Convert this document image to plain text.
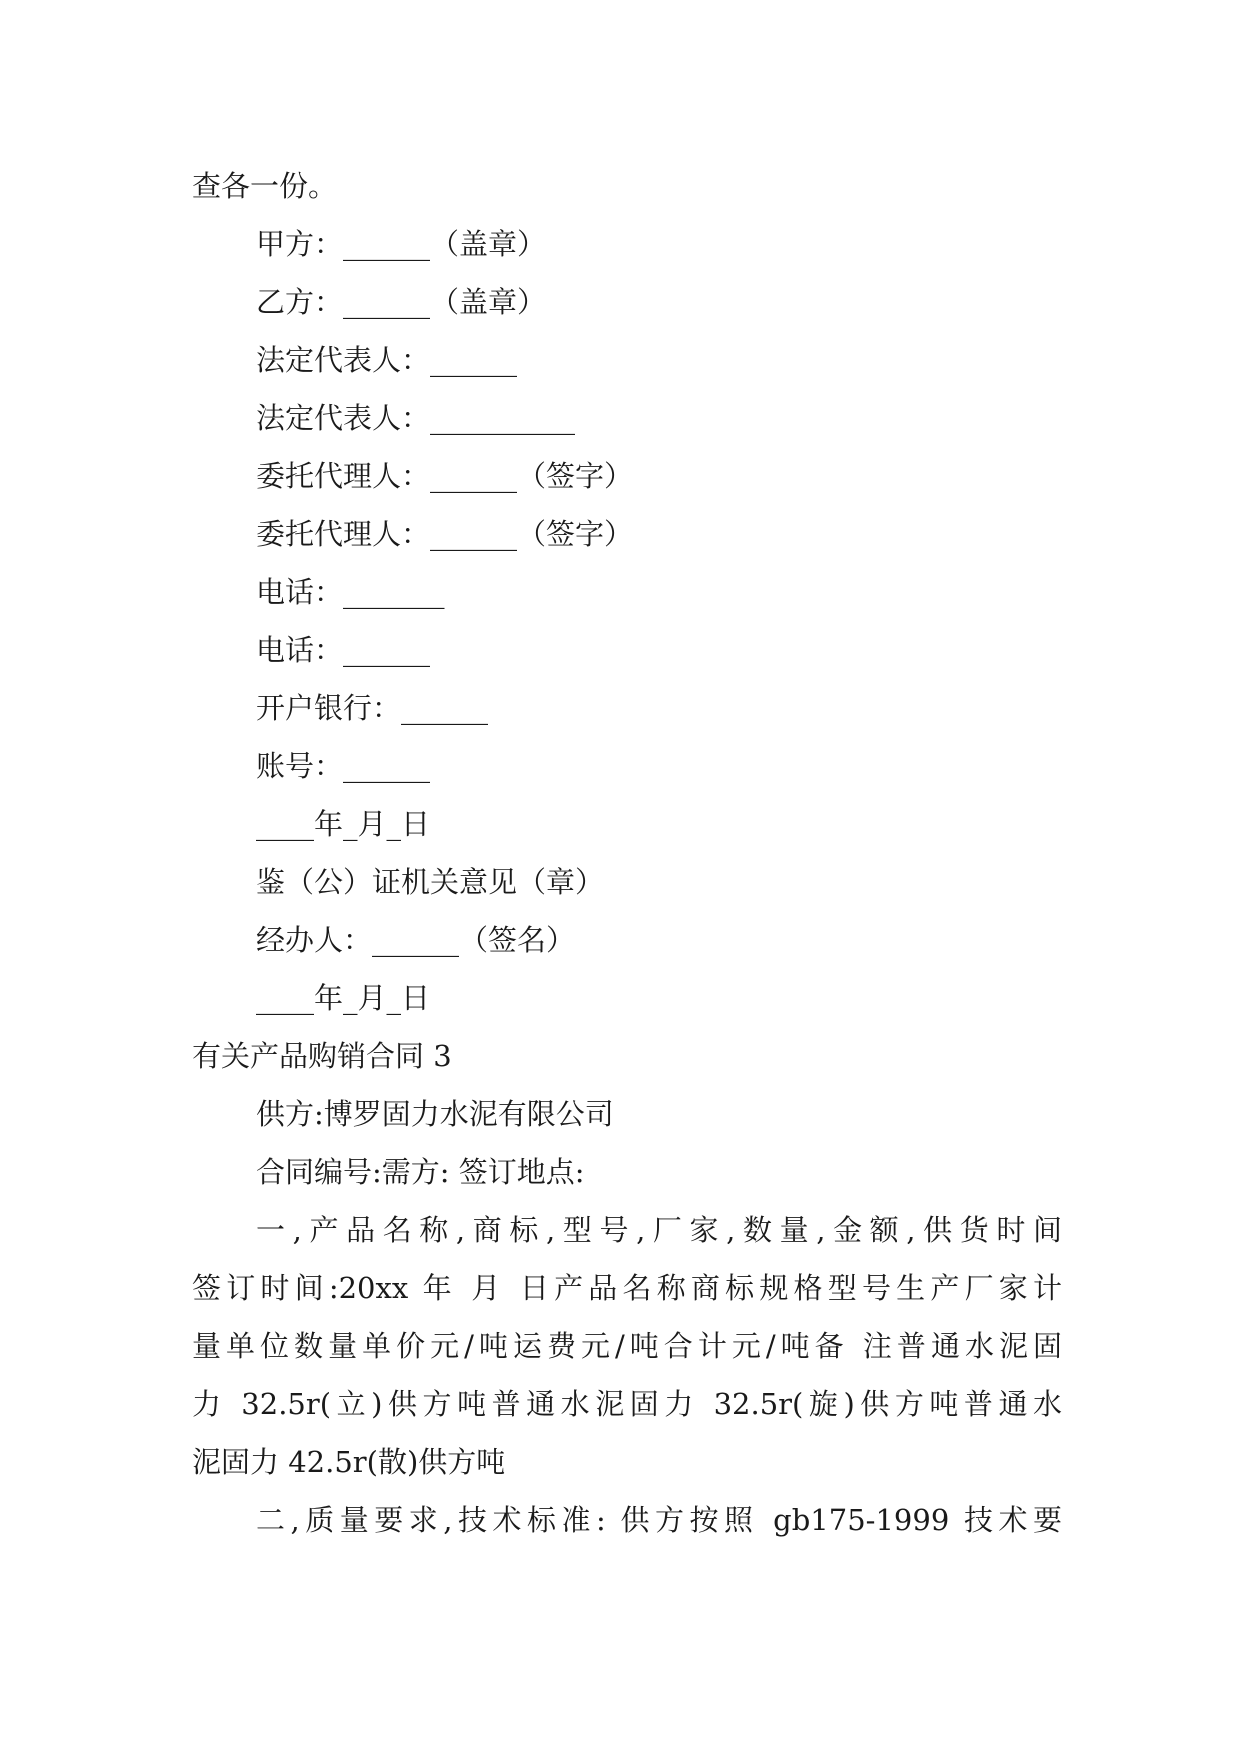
查各一份。
甲方：______（盖章）
乙方：______（盖章）
法定代表人：______
法定代表人：__________
委托代理人：______（签字）
委托代理人：______（签字）
电话：_______
电话：______
开户银行：______
账号：______
____年_月_日
鉴（公）证机关意见（章）
经办人：______（签名）
____年_月_日
有关产品购销合同 3
供方:博罗固力水泥有限公司
合同编号:需方: 签订地点:
一,产品名称,商标,型号,厂家,数量,金额,供货时间
签订时间:20xx 年 月 日产品名称商标规格型号生产厂家计
量单位数量单价元/吨运费元/吨合计元/吨备 注普通水泥固
力 32.5r(立)供方吨普通水泥固力 32.5r(旋)供方吨普通水
泥固力 42.5r(散)供方吨
二,质量要求,技术标准: 供方按照 gb175-1999 技术要
